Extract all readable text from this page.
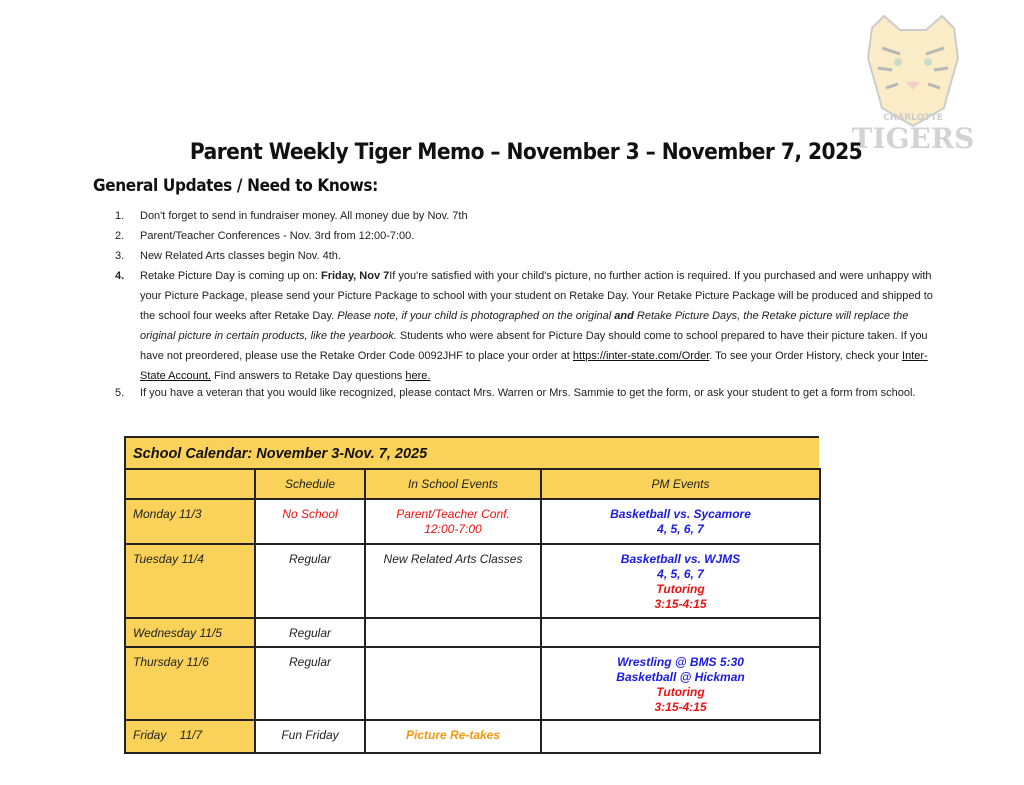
CHARLOTTE
TIGERS
Parent Weekly Tiger Memo – November 3 – November 7, 2025
General Updates / Need to Knows:
1.	Don't forget to send in fundraiser money. All money due by Nov. 7th
2.	Parent/Teacher Conferences - Nov. 3rd from 12:00-7:00.
3.	New Related Arts classes begin Nov. 4th.
4.	Retake Picture Day is coming up on: Friday, Nov 7If you're satisfied with your child's picture, no further action is required. If you purchased and were unhappy with your Picture Package, please send your Picture Package to school with your student on Retake Day. Your Retake Picture Package will be produced and shipped to the school four weeks after Retake Day. Please note, if your child is photographed on the original and Retake Picture Days, the Retake picture will replace the original picture in certain products, like the yearbook. Students who were absent for Picture Day should come to school prepared to have their picture taken. If you have not preordered, please use the Retake Order Code 0092JHF to place your order at https://inter-state.com/Order. To see your Order History, check your Inter-State Account. Find answers to Retake Day questions here.
5.	If you have a veteran that you would like recognized, please contact Mrs. Warren or Mrs. Sammie to get the form, or ask your student to get a form from school.
School Calendar: November 3-Nov. 7, 2025
	Schedule	In School Events	PM Events
Monday 11/3	No School	Parent/Teacher Conf.
12:00-7:00	Basketball vs. Sycamore
4, 5, 6, 7

Tuesday 11/4	Regular	New Related Arts Classes	Basketball vs. WJMS
4, 5, 6, 7
Tutoring
3:15-4:15

Wednesday 11/5	Regular		
Thursday 11/6	Regular		Wrestling @ BMS 5:30
Basketball @ Hickman
Tutoring
3:15-4:15

Friday    11/7	Fun Friday	Picture Re-takes	
